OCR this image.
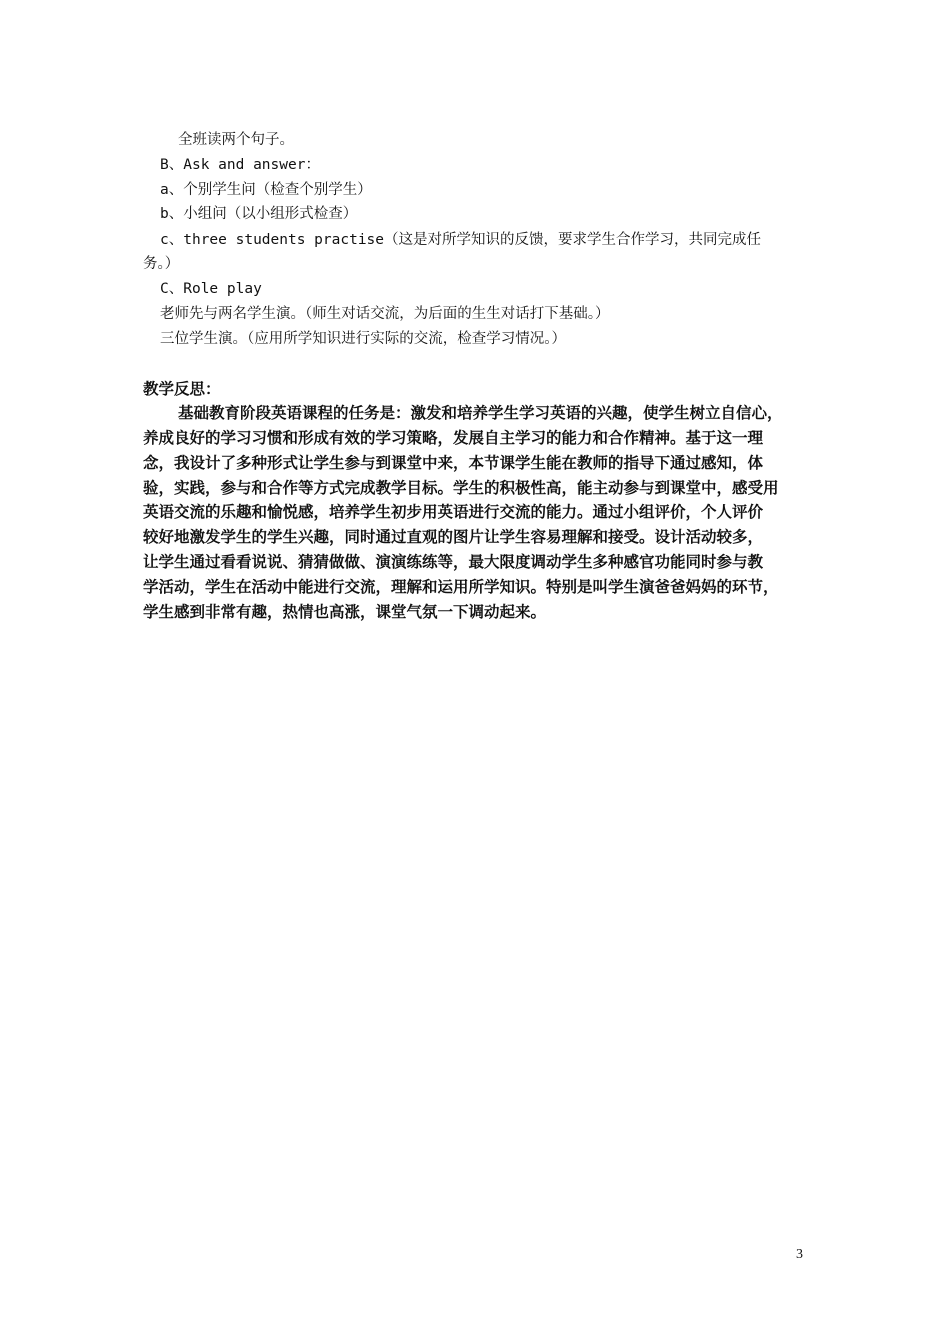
全班读两个句子。
B、Ask and answer：
a、个别学生问（检查个别学生）
b、小组问（以小组形式检查）
c、three students practise（这是对所学知识的反馈，要求学生合作学习，共同完成任
务。）
C、Role play
老师先与两名学生演。（师生对话交流，为后面的生生对话打下基础。）
三位学生演。（应用所学知识进行实际的交流，检查学习情况。）
教学反思：
基础教育阶段英语课程的任务是：激发和培养学生学习英语的兴趣，使学生树立自信心，
养成良好的学习习惯和形成有效的学习策略，发展自主学习的能力和合作精神。基于这一理
念，我设计了多种形式让学生参与到课堂中来，本节课学生能在教师的指导下通过感知，体
验，实践，参与和合作等方式完成教学目标。学生的积极性高，能主动参与到课堂中，感受用
英语交流的乐趣和愉悦感，培养学生初步用英语进行交流的能力。通过小组评价，个人评价
较好地激发学生的学生兴趣，同时通过直观的图片让学生容易理解和接受。设计活动较多，
让学生通过看看说说、猜猜做做、演演练练等，最大限度调动学生多种感官功能同时参与教
学活动，学生在活动中能进行交流，理解和运用所学知识。特别是叫学生演爸爸妈妈的环节，
学生感到非常有趣，热情也高涨，课堂气氛一下调动起来。
3
